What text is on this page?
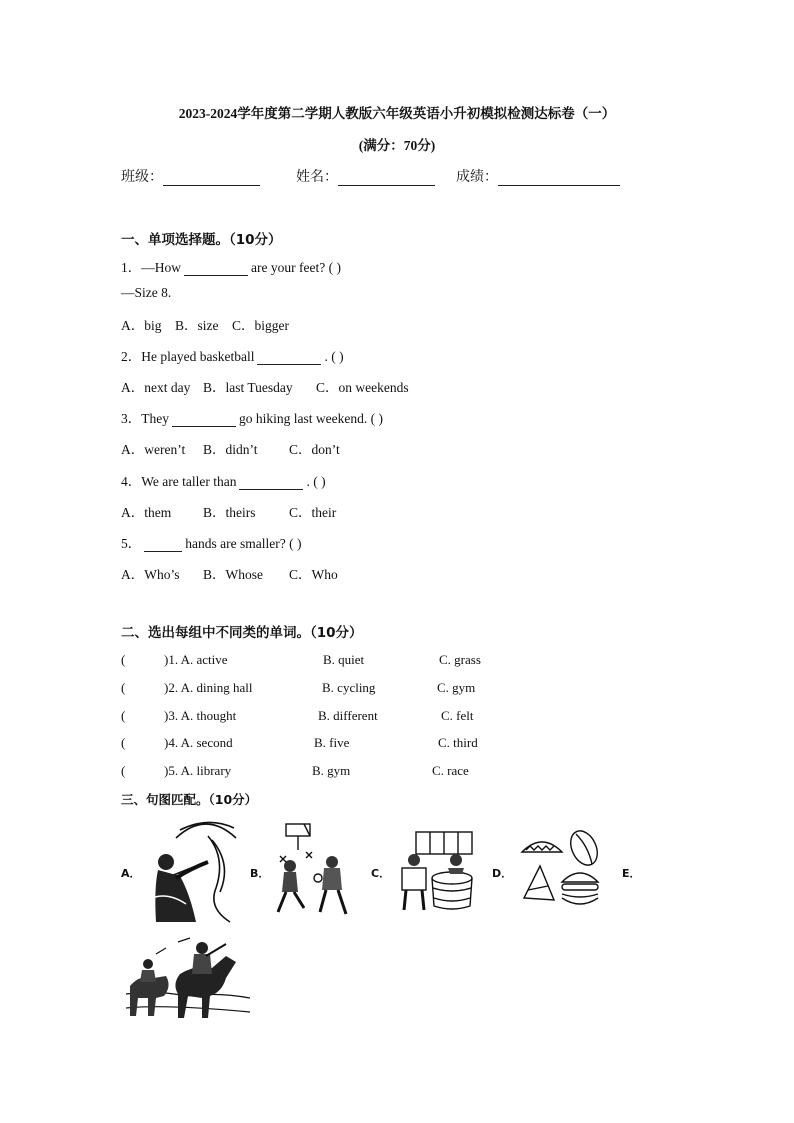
2023-2024学年度第二学期人教版六年级英语小升初模拟检测达标卷（一）
(满分：70分)
班级：	姓名：	成绩：
一、单项选择题。（10分）
1．—How	are your feet? ( )
—Size 8.
A．big B．size C．bigger
2．He played basketball	. ( )
A．next day B．last Tuesday C．on weekends
3．They	go hiking last weekend. ( )
A．weren’t B．didn’t C．don’t
4．We are taller than	. ( )
A．them B．theirs C．their
5．	hands are smaller? ( )
A．Who’s B．Whose C．Who
二、选出每组中不同类的单词。（10分）
(	)1. A. active	B. quiet	C. grass
(	)2. A. dining hall	B. cycling	C. gym
(	)3. A. thought	B. different	C. felt
(	)4. A. second	B. five	C. third
(	)5. A. library	B. gym	C. race
三、句图匹配。（10分）
A．	B．	C．	D．	E．
